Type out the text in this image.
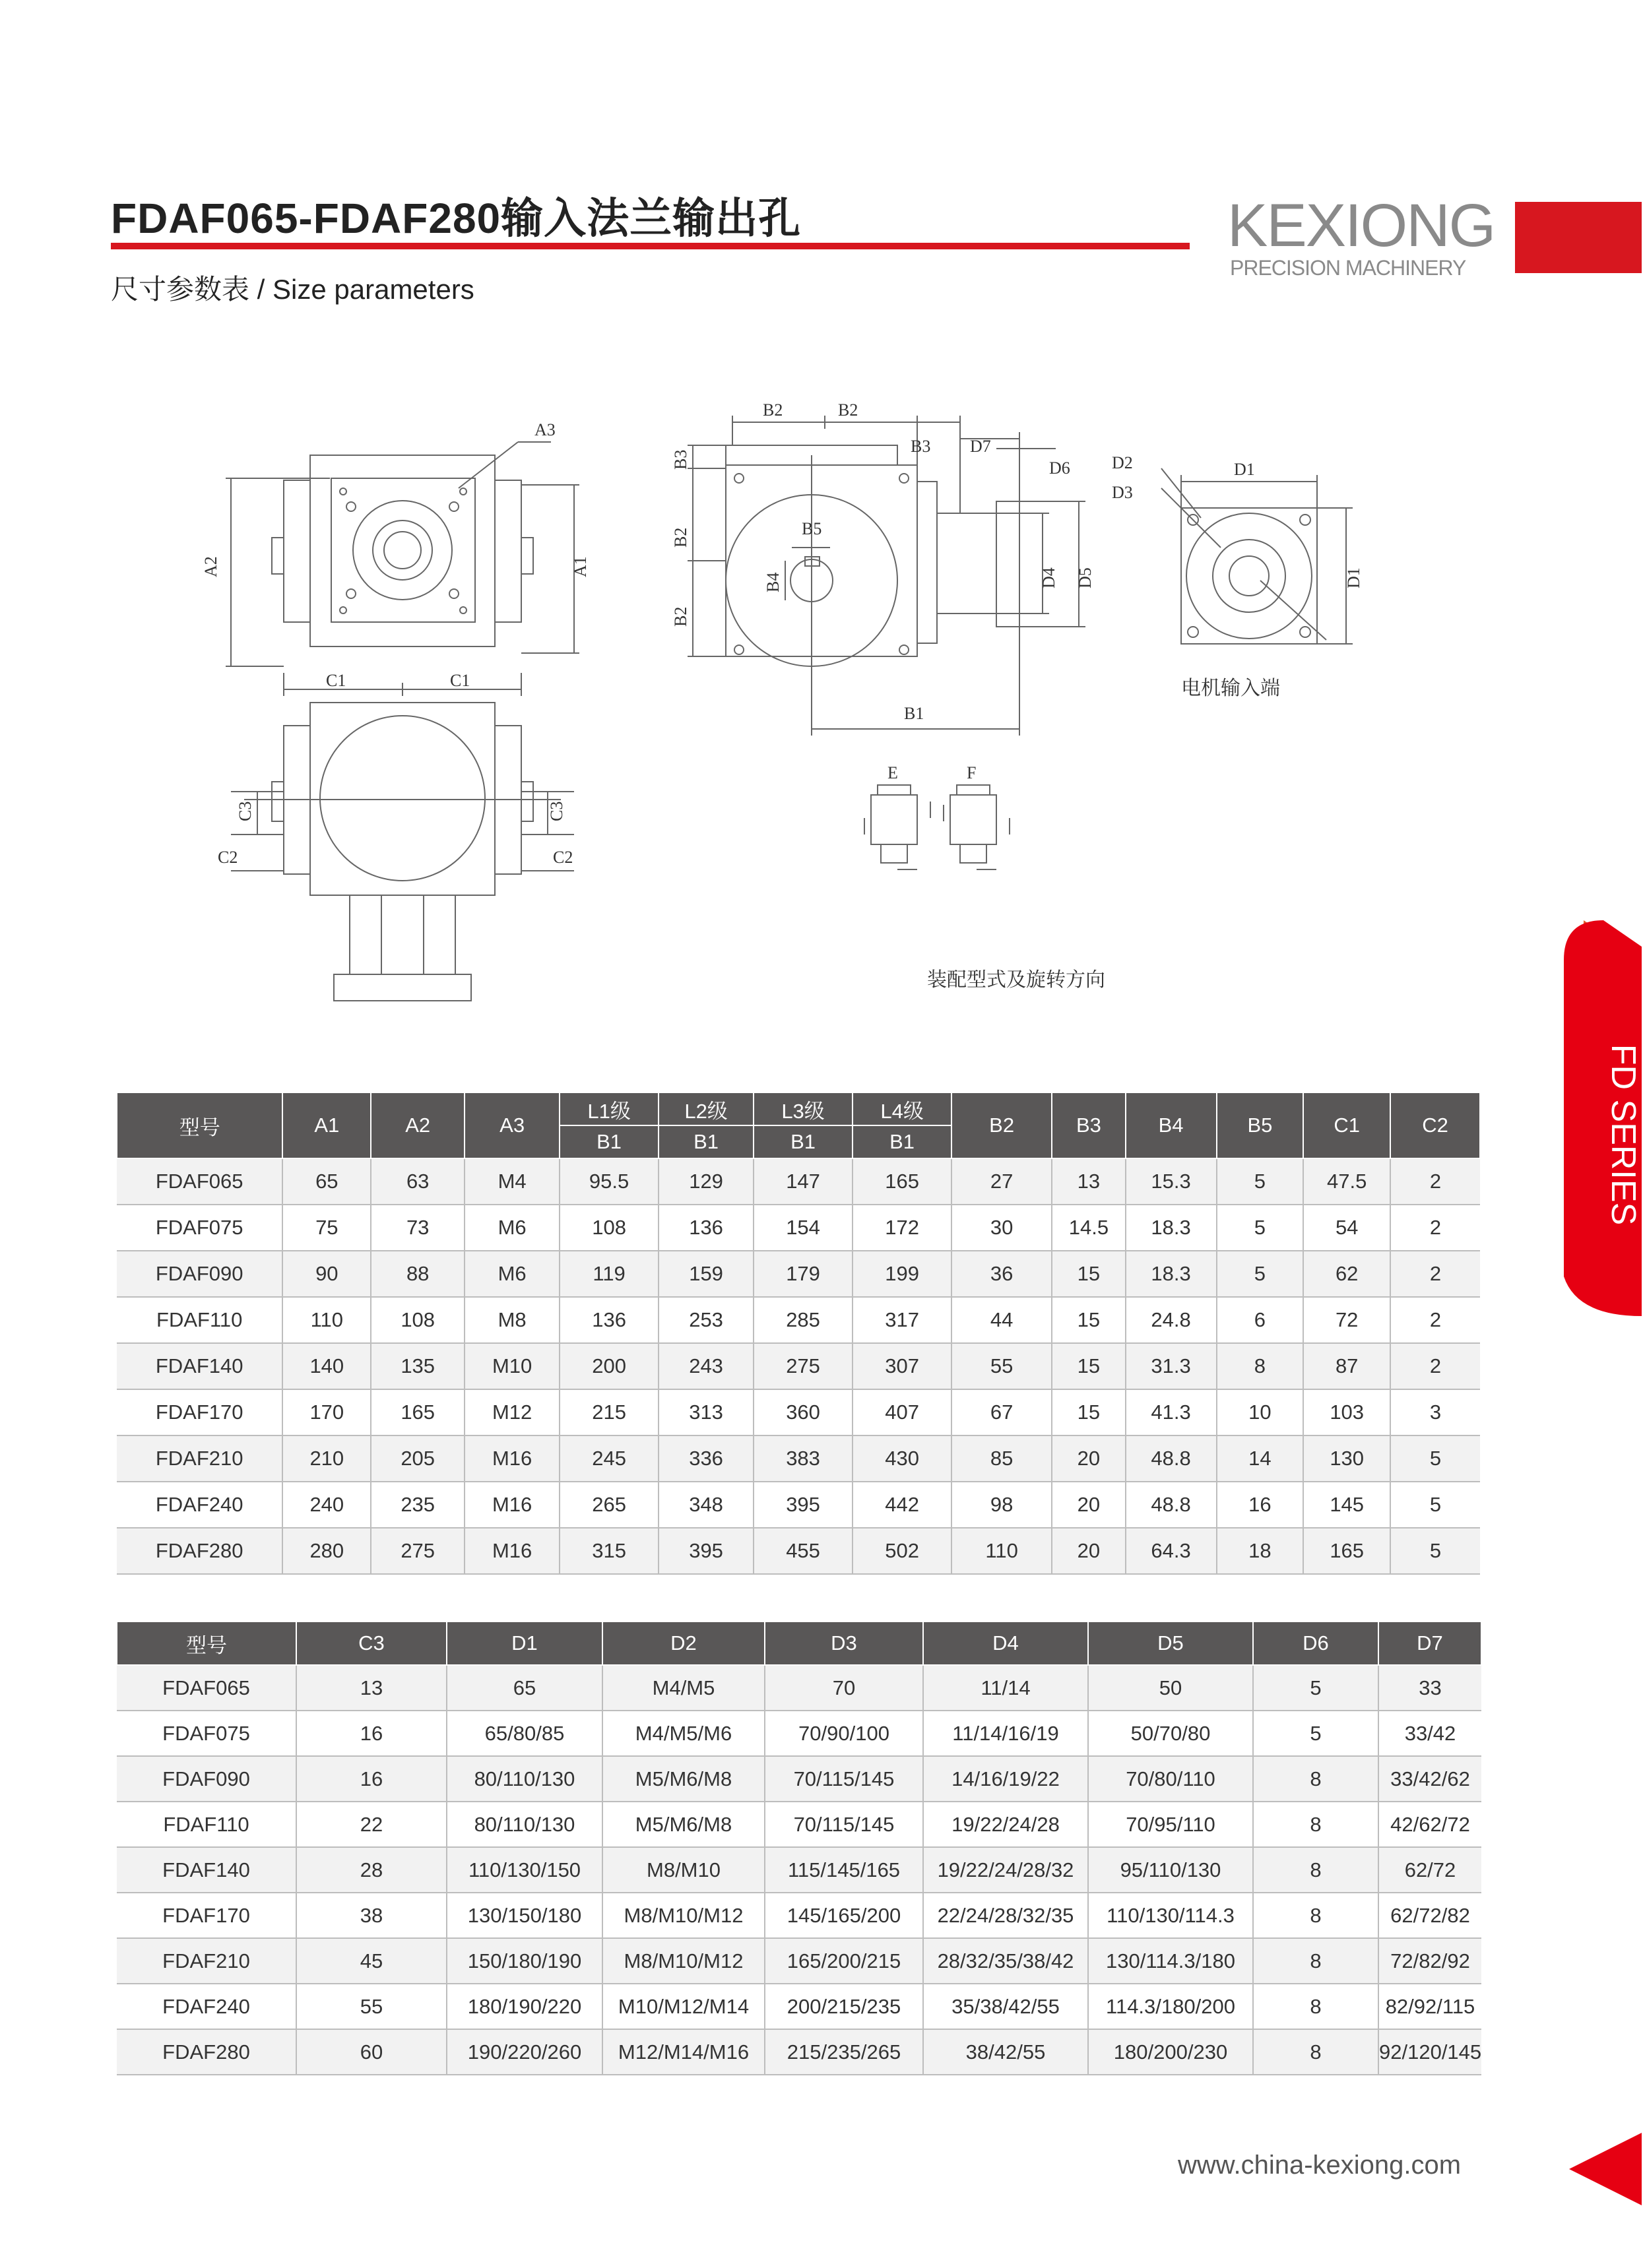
FDAF065-FDAF280输入法兰输出孔
尺寸参数表 / Size parameters
KEXIONG
PRECISION MACHINERY
A3
A2	A1
C1	C1
C3	C3
C2	C2
B2	B2
B3 D7
D6
B3
B2
B2
B5
B4	D4 D5
B1
D2
D3
D1
D1
E	F
电机输入端
装配型式及旋转方向
FD SERIES
型号	A1	A2	A3	L1级	L2级	L3级	L4级	B2	B3	B4	B5	C1	C2
				B1	B1	B1	B1						
FDAF065	65	63	M4	95.5	129	147	165	27	13	15.3	5	47.5	2
FDAF075	75	73	M6	108	136	154	172	30	14.5	18.3	5	54	2
FDAF090	90	88	M6	119	159	179	199	36	15	18.3	5	62	2
FDAF110	110	108	M8	136	253	285	317	44	15	24.8	6	72	2
FDAF140	140	135	M10	200	243	275	307	55	15	31.3	8	87	2
FDAF170	170	165	M12	215	313	360	407	67	15	41.3	10	103	3
FDAF210	210	205	M16	245	336	383	430	85	20	48.8	14	130	5
FDAF240	240	235	M16	265	348	395	442	98	20	48.8	16	145	5
FDAF280	280	275	M16	315	395	455	502	110	20	64.3	18	165	5
型号	C3	D1	D2	D3	D4	D5	D6	D7
FDAF065	13	65	M4/M5	70	11/14	50	5	33
FDAF075	16	65/80/85	M4/M5/M6	70/90/100	11/14/16/19	50/70/80	5	33/42
FDAF090	16	80/110/130	M5/M6/M8	70/115/145	14/16/19/22	70/80/110	8	33/42/62
FDAF110	22	80/110/130	M5/M6/M8	70/115/145	19/22/24/28	70/95/110	8	42/62/72
FDAF140	28	110/130/150	M8/M10	115/145/165	19/22/24/28/32	95/110/130	8	62/72
FDAF170	38	130/150/180	M8/M10/M12	145/165/200	22/24/28/32/35	110/130/114.3	8	62/72/82
FDAF210	45	150/180/190	M8/M10/M12	165/200/215	28/32/35/38/42	130/114.3/180	8	72/82/92
FDAF240	55	180/190/220	M10/M12/M14	200/215/235	35/38/42/55	114.3/180/200	8	82/92/115
FDAF280	60	190/220/260	M12/M14/M16	215/235/265	38/42/55	180/200/230	8	92/120/145
www.china-kexiong.com
